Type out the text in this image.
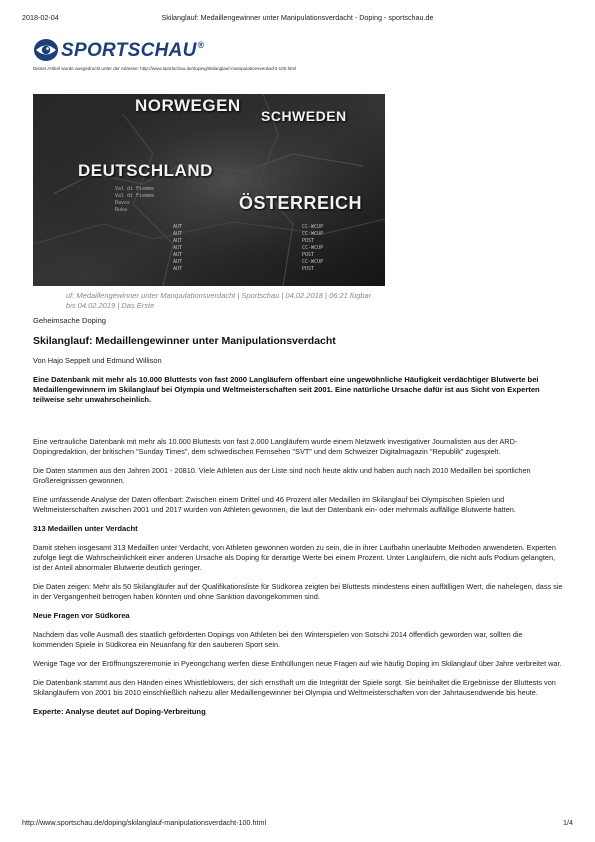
2018-02-04	Skilanglauf: Medaillengewinner unter Manipulationsverdacht - Doping - sportschau.de
SPORTSCHAU®
Dieser Artikel wurde ausgedruckt unter der Adresse: http://www.sportschau.de/doping/skilanglauf-manipulationsverdacht-100.html
NORWEGEN
SCHWEDEN
DEUTSCHLAND
ÖSTERREICH
AUT	CC-WCUP
AUT	CC-WCUP
AUT	POST
AUT	CC-WCUP
AUT	POST
AUT	CC-WCUP
AUT	POST
Val di Fiemme
Val di Fiemme
Davos
Ruka
uf: Medaillengewinner unter Manipulationsverdacht | Sportschau | 04.02.2018 | 06:21 fügbar bis 04.02.2019 | Das Erste

Geheimsache Doping

Skilanglauf: Medaillengewinner unter Manipulationsverdacht

Von Hajo Seppelt und Edmund Willison

Eine Datenbank mit mehr als 10.000 Bluttests von fast 2000 Langläufern offenbart eine ungewöhnliche Häufigkeit verdächtiger Blutwerte bei Medaillengewinnern im Skilanglauf bei Olympia und Weltmeisterschaften seit 2001. Eine natürliche Ursache dafür ist aus Sicht von Experten teilweise sehr unwahrscheinlich.

Eine vertrauliche Datenbank mit mehr als 10.000 Bluttests von fast 2.000 Langläufern wurde einem Netzwerk investigativer Journalisten aus der ARD-Dopingredaktion, der britischen "Sunday Times", dem schwedischen Fernsehen "SVT" und dem Schweizer Digitalmagazin "Republik" zugespielt.

Die Daten stammen aus den Jahren 2001 - 20810. Viele Athleten aus der Liste sind noch heute aktiv und haben auch nach 2010 Medaillen bei sportlichen Großereignissen gewonnen.

Eine umfassende Analyse der Daten offenbart: Zwischen einem Drittel und 46 Prozent aller Medaillen im Skilanglauf bei Olympischen Spielen und Weltmeisterschaften zwischen 2001 und 2017 wurden von Athleten gewonnen, die laut der Datenbank ein- oder mehrmals auffällige Blutwerte hatten.

313 Medaillen unter Verdacht

Damit stehen insgesamt 313 Medaillen unter Verdacht, von Athleten gewonnen worden zu sein, die in ihrer Laufbahn unerlaubte Methoden anwendeten. Experten zufolge liegt die Wahrscheinlichkeit einer anderen Ursache als Doping für derartige Werte bei einem Prozent. Unter Langläufern, die nicht aufs Podium gelangten, ist der Anteil abnormaler Blutwerte deutlich geringer.

Die Daten zeigen: Mehr als 50 Skilangläufer auf der Qualifikationsliste für Südkorea zeigten bei Bluttests mindestens einen auffälligen Wert, die nahelegen, dass sie in der Vergangenheit betrogen haben könnten und ohne Sanktion davongekommen sind.

Neue Fragen vor Südkorea

Nachdem das volle Ausmaß des staatlich geförderten Dopings von Athleten bei den Winterspielen von Sotschi 2014 öffentlich geworden war, sollten die kommenden Spiele in Südkorea ein Neuanfang für den sauberen Sport sein.

Wenige Tage vor der Eröffnungszeremonie in Pyeongchang werfen diese Enthüllungen neue Fragen auf wie häufig Doping im Skilanglauf über Jahre verbreitet war.

Die Datenbank stammt aus den Händen eines Whistleblowers, der sich ernsthaft um die Integrität der Spiele sorgt. Sie beinhaltet die Ergebnisse der Bluttests von Skilangläufern von 2001 bis 2010 einschließlich nahezu aller Medaillengewinner bei Olympia und Weltmeisterschaften von der Jahrtausendwende bis heute.

Experte: Analyse deutet auf Doping-Verbreitung

http://www.sportschau.de/doping/skilanglauf-manipulationsverdacht-100.html	1/4
